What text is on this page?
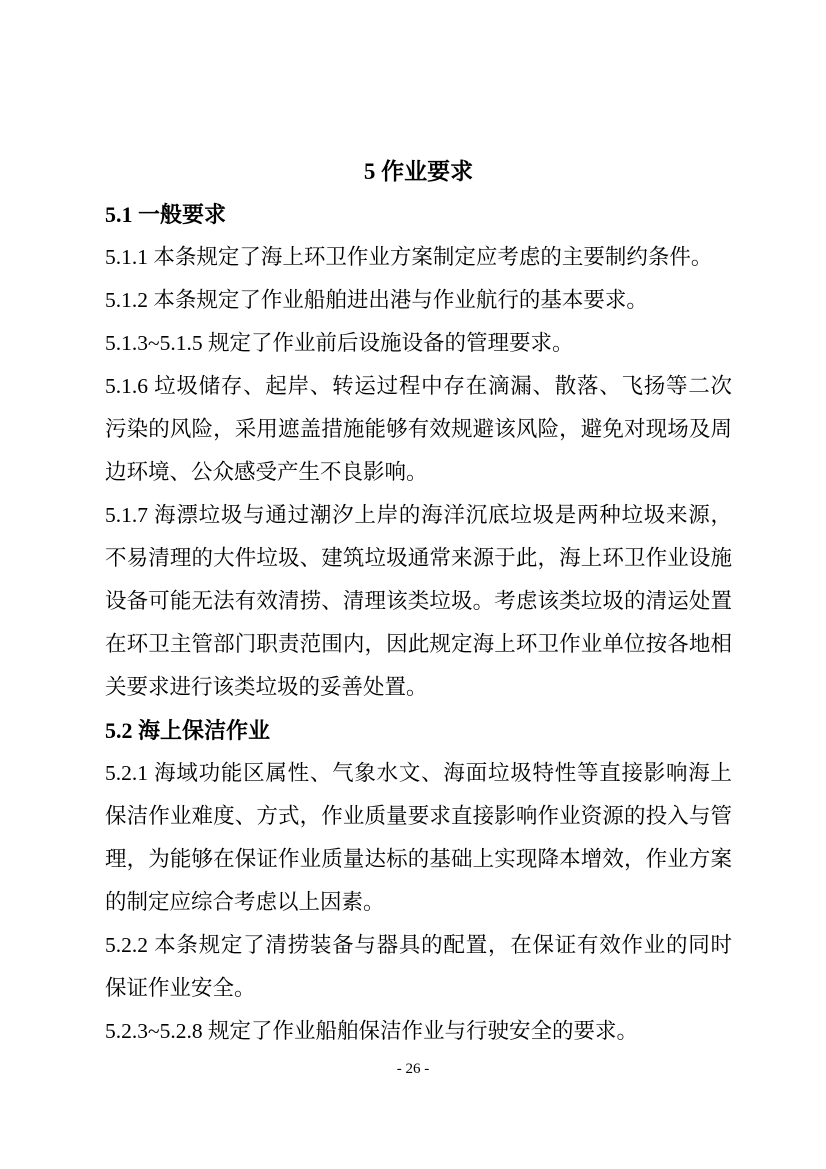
5 作业要求
5.1 一般要求

5.1.1 本条规定了海上环卫作业方案制定应考虑的主要制约条件。

5.1.2 本条规定了作业船舶进出港与作业航行的基本要求。

5.1.3~5.1.5 规定了作业前后设施设备的管理要求。

5.1.6 垃圾储存、起岸、转运过程中存在滴漏、散落、飞扬等二次污染的风险，采用遮盖措施能够有效规避该风险，避免对现场及周边环境、公众感受产生不良影响。

5.1.7 海漂垃圾与通过潮汐上岸的海洋沉底垃圾是两种垃圾来源，不易清理的大件垃圾、建筑垃圾通常来源于此，海上环卫作业设施设备可能无法有效清捞、清理该类垃圾。考虑该类垃圾的清运处置在环卫主管部门职责范围内，因此规定海上环卫作业单位按各地相关要求进行该类垃圾的妥善处置。

5.2 海上保洁作业

5.2.1 海域功能区属性、气象水文、海面垃圾特性等直接影响海上保洁作业难度、方式，作业质量要求直接影响作业资源的投入与管理，为能够在保证作业质量达标的基础上实现降本增效，作业方案的制定应综合考虑以上因素。

5.2.2 本条规定了清捞装备与器具的配置，在保证有效作业的同时保证作业安全。

5.2.3~5.2.8 规定了作业船舶保洁作业与行驶安全的要求。

- 26 -
